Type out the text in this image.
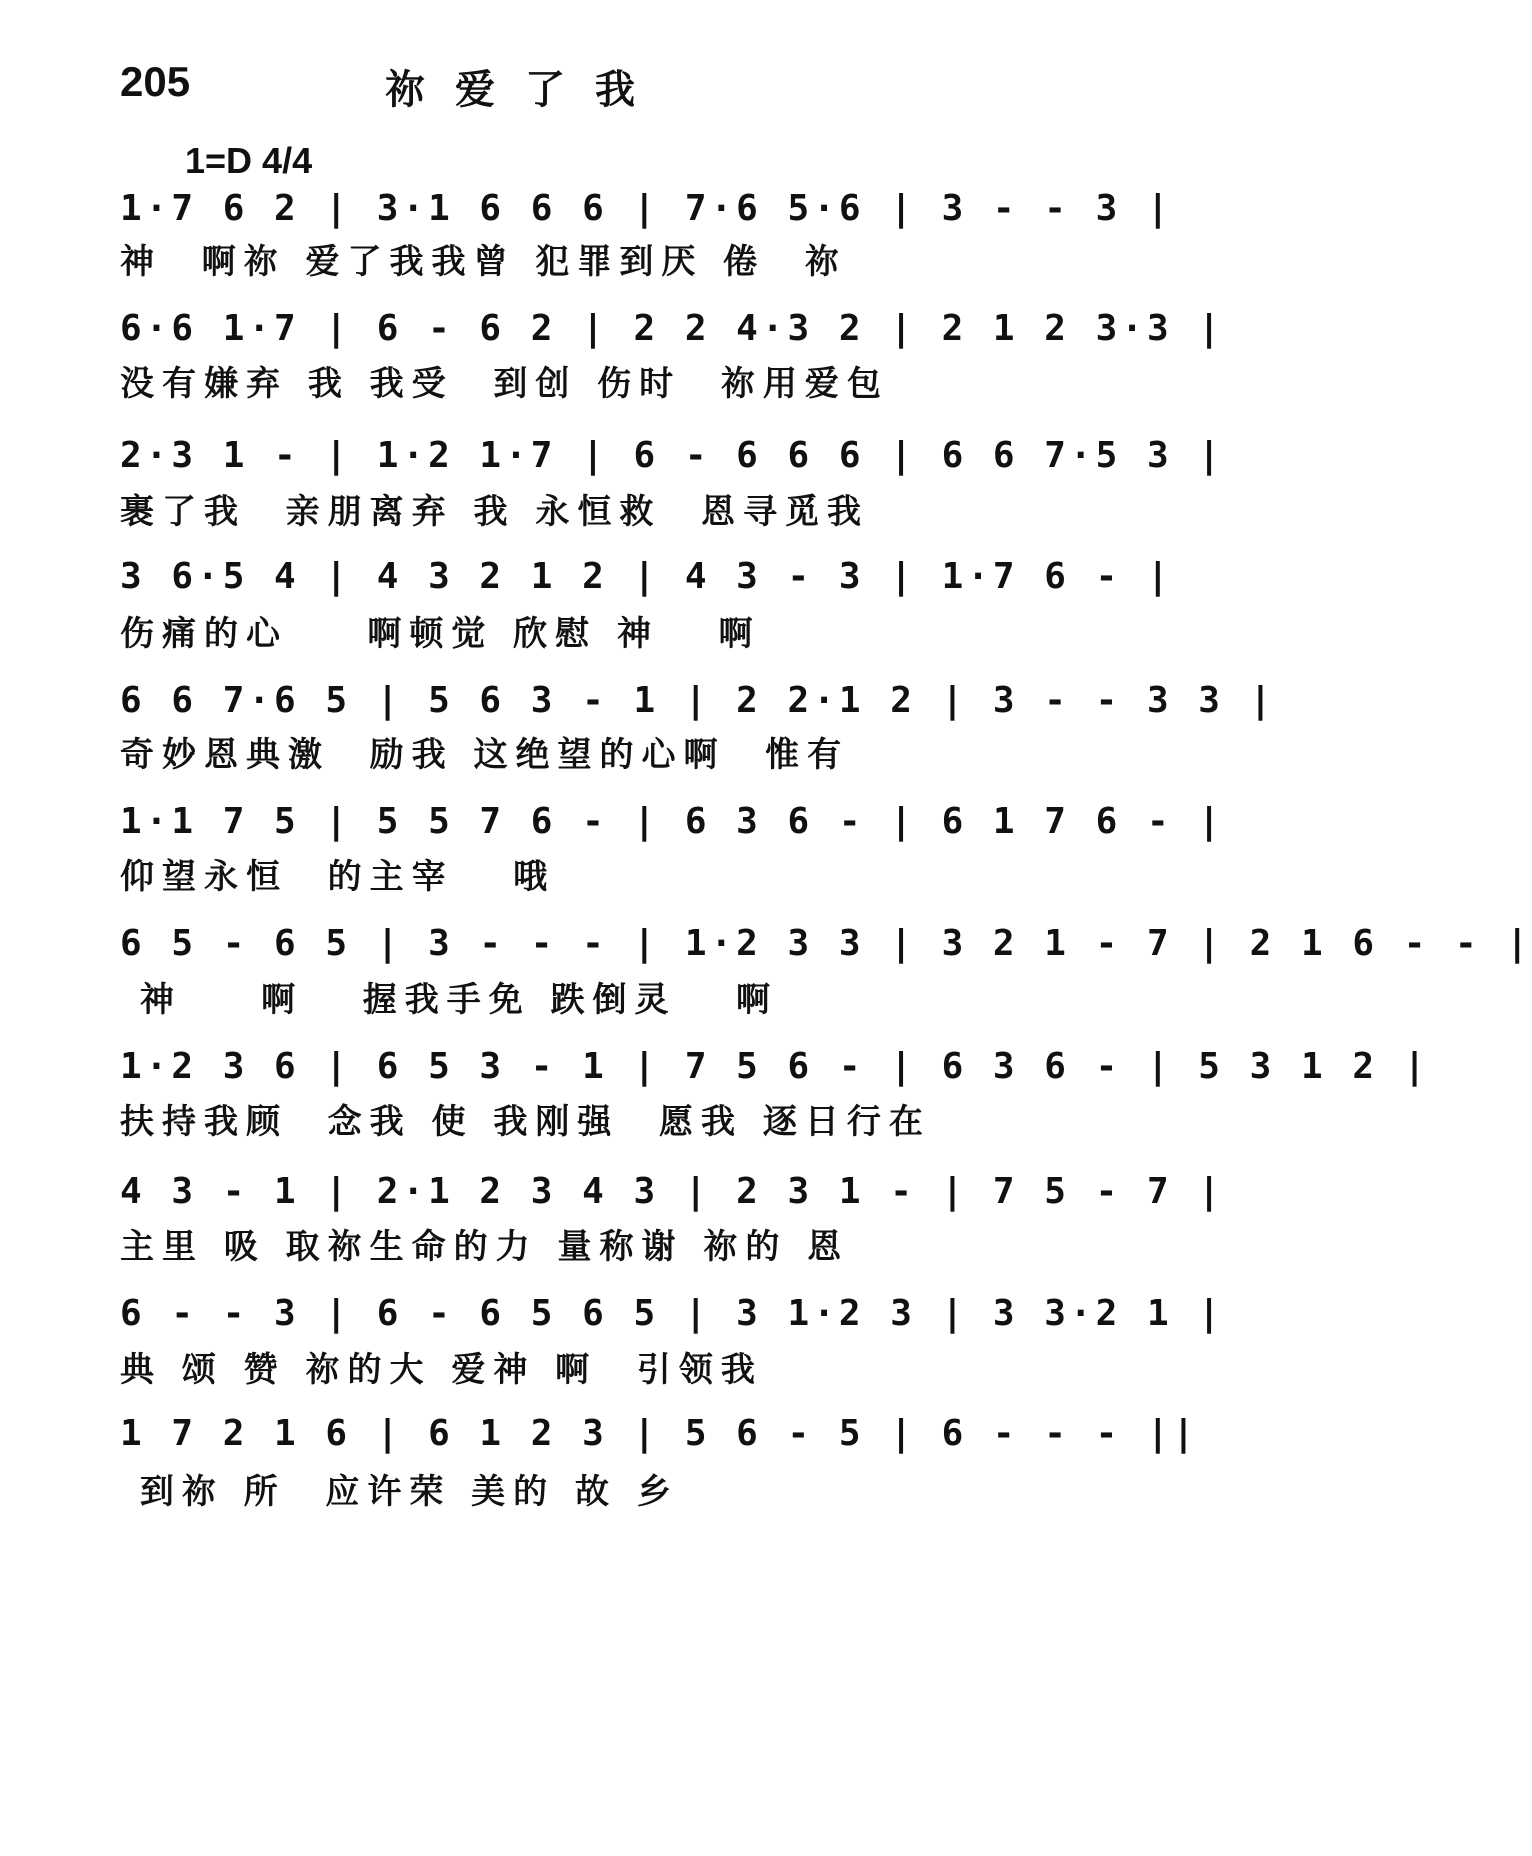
205	祢爱了我
1=D 4/4
1·7 6 2 | 3·1 6 6 6 | 7·6 5·6 | 3 - - 3 |
神  啊祢 爱了我我曾 犯罪到厌 倦  祢
6·6 1·7 | 6 - 6 2 | 2 2 4·3 2 | 2 1 2 3·3 |
没有嫌弃 我 我受  到创 伤时  祢用爱包
2·3 1 - | 1·2 1·7 | 6 - 6 6 6 | 6 6 7·5 3 |
裹了我  亲朋离弃 我 永恒救  恩寻觅我
3 6·5 4 | 4 3 2 1 2 | 4 3 - 3 | 1·7 6 - |
伤痛的心    啊顿觉 欣慰 神   啊
6 6 7·6 5 | 5 6 3 - 1 | 2 2·1 2 | 3 - - 3 3 |
奇妙恩典激  励我 这绝望的心啊  惟有
1·1 7 5 | 5 5 7 6 - | 6 3 6 - | 6 1 7 6 - |
仰望永恒  的主宰   哦
6 5 - 6 5 | 3 - - - | 1·2 3 3 | 3 2 1 - 7 | 2 1 6 - - |
神    啊   握我手免 跌倒灵   啊
1·2 3 6 | 6 5 3 - 1 | 7 5 6 - | 6 3 6 - | 5 3 1 2 |
扶持我顾  念我 使 我刚强  愿我 逐日行在
4 3 - 1 | 2·1 2 3 4 3 | 2 3 1 - | 7 5 - 7 |
主里 吸 取祢生命的力 量称谢 祢的 恩
6 - - 3 | 6 - 6 5 6 5 | 3 1·2 3 | 3 3·2 1 |
典 颂 赞 祢的大 爱神 啊  引领我
1 7 2 1 6 | 6 1 2 3 | 5 6 - 5 | 6 - - - ||
到祢 所  应许荣 美的 故 乡
